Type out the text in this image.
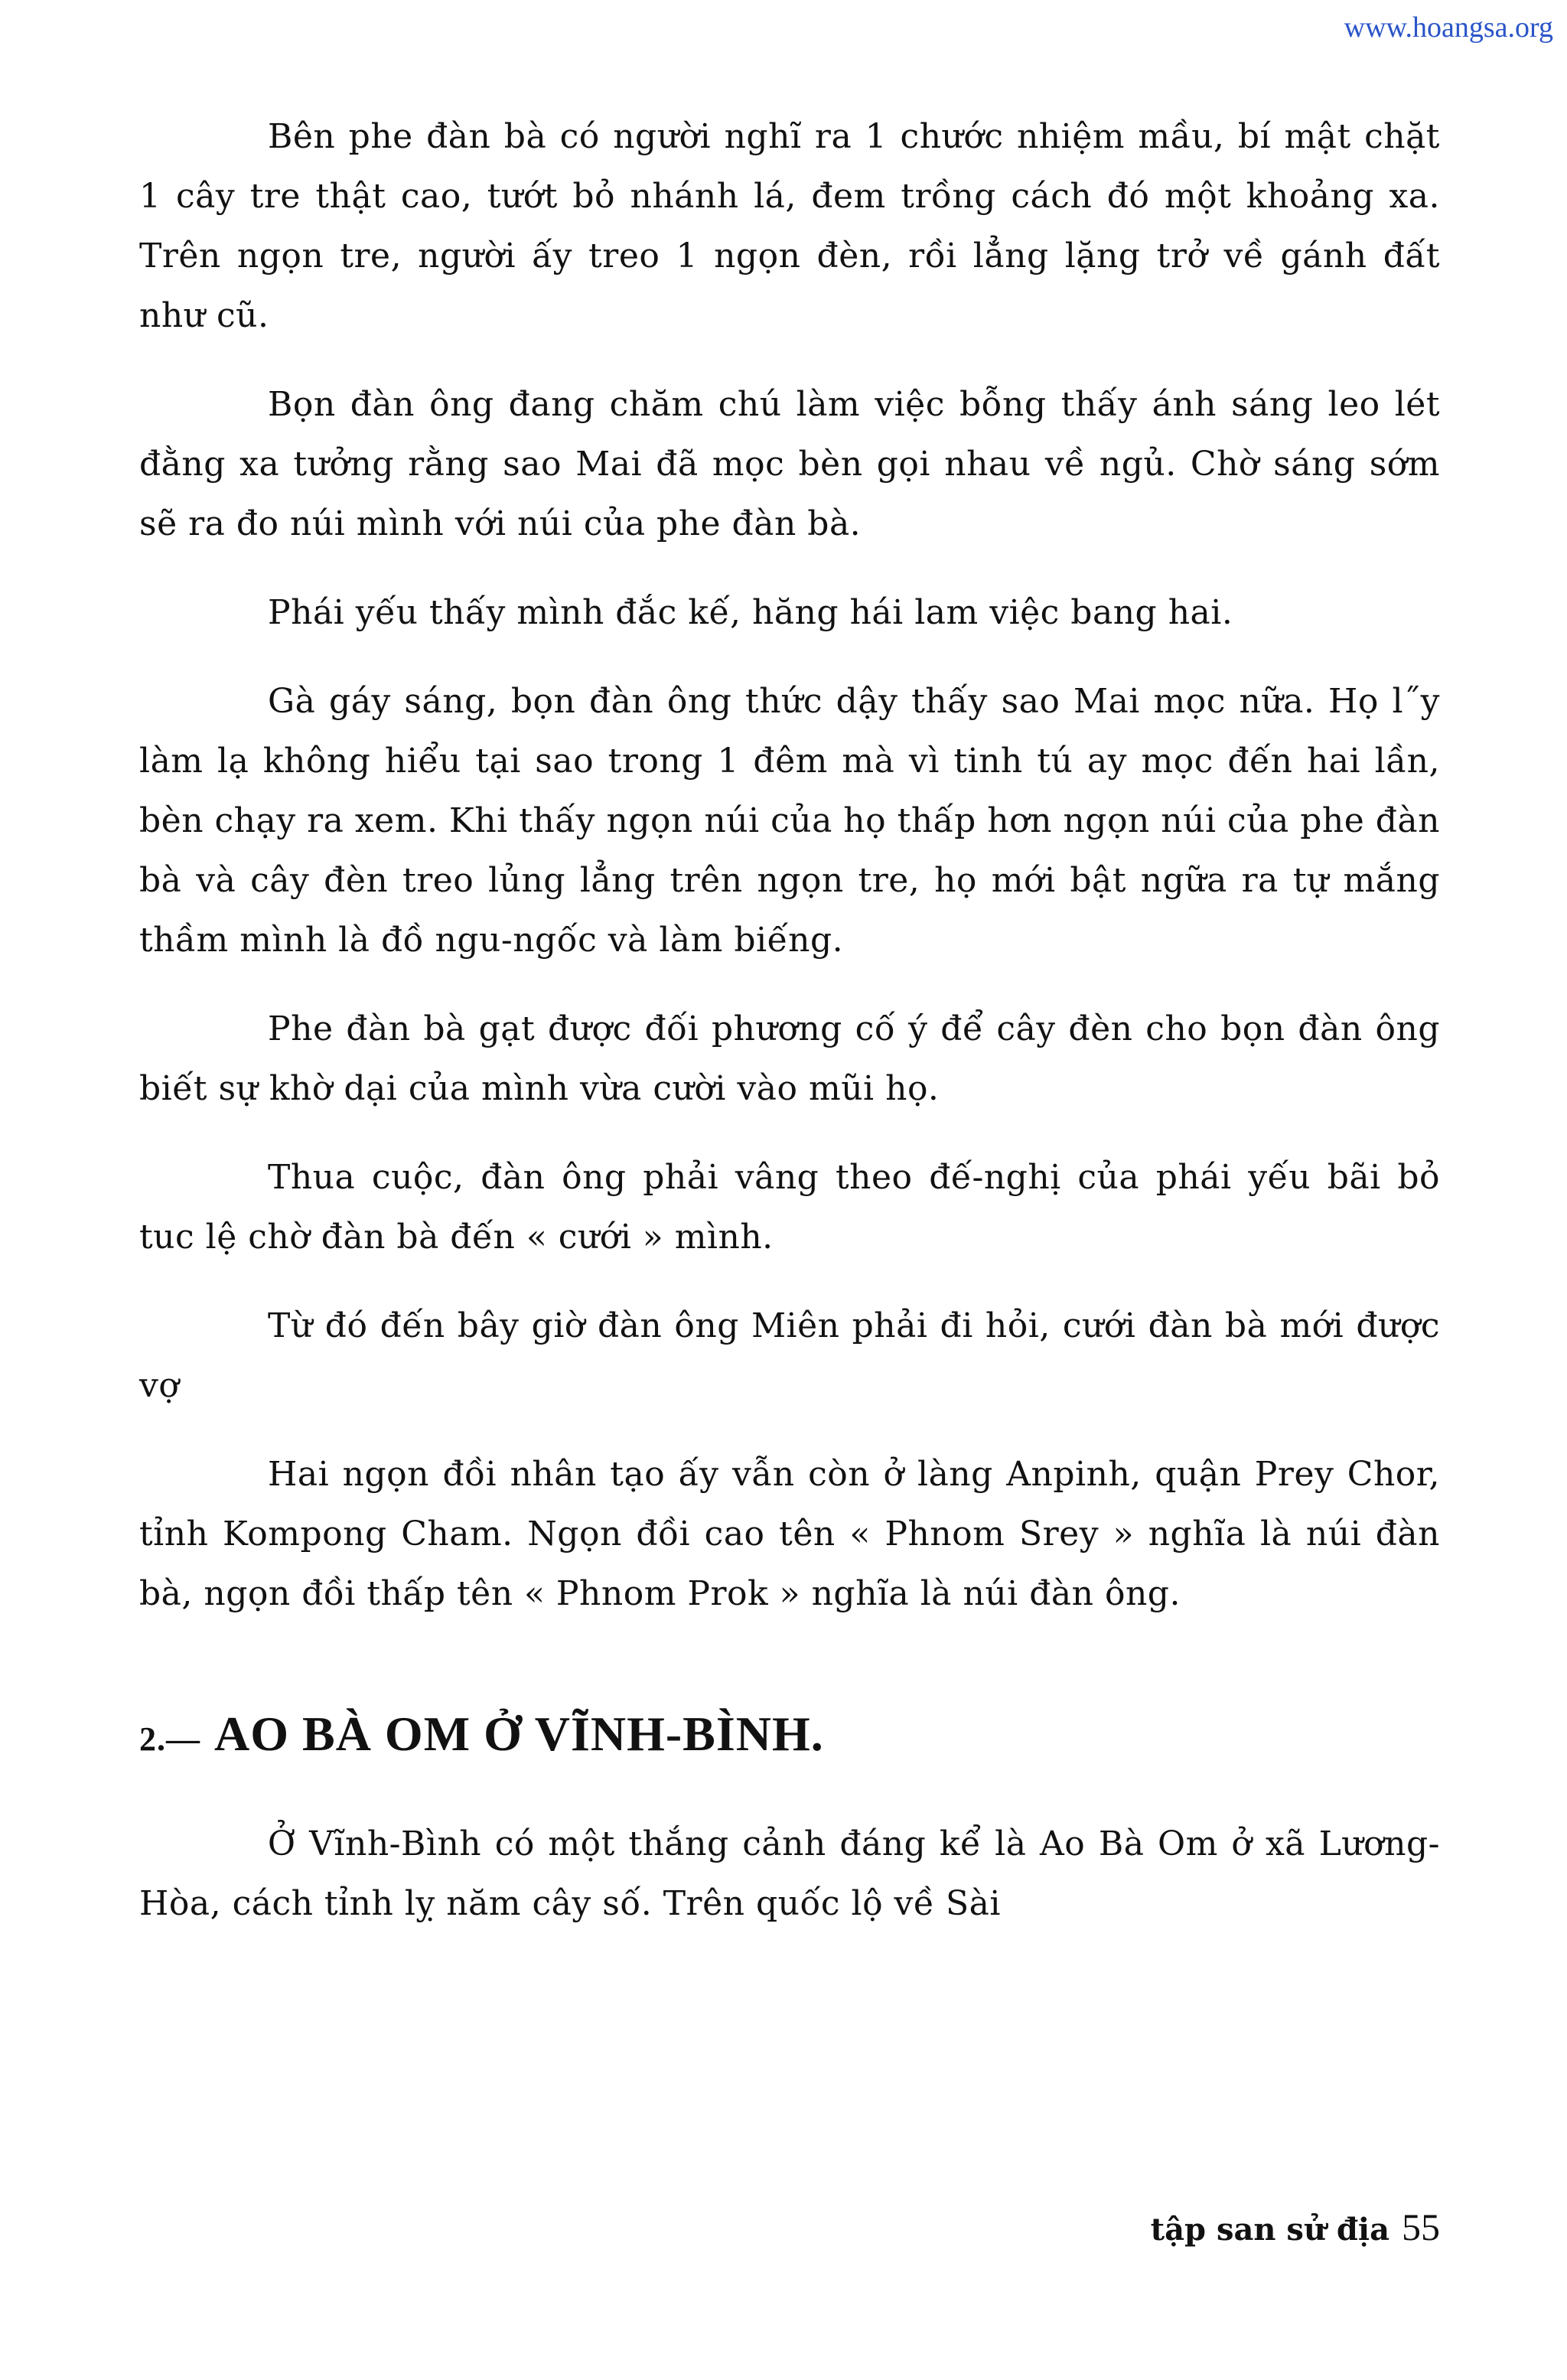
www.hoangsa.org

Bên phe đàn bà có người nghĩ ra 1 chước nhiệm mầu, bí mật chặt 1 cây tre thật cao, tướt bỏ nhánh lá, đem trồng cách đó một khoảng xa. Trên ngọn tre, người ấy treo 1 ngọn đèn, rồi lẳng lặng trở về gánh đất như cũ.

Bọn đàn ông đang chăm chú làm việc bỗng thấy ánh sáng leo lét đằng xa tưởng rằng sao Mai đã mọc bèn gọi nhau về ngủ. Chờ sáng sớm sẽ ra đo núi mình với núi của phe đàn bà.

Phái yếu thấy mình đắc kế, hăng hái lam việc bang hai.

Gà gáy sáng, bọn đàn ông thức dậy thấy sao Mai mọc nữa. Họ l˝y làm lạ không hiểu tại sao trong 1 đêm mà vì tinh tú ay mọc đến hai lần, bèn chạy ra xem. Khi thấy ngọn núi của họ thấp hơn ngọn núi của phe đàn bà và cây đèn treo lủng lẳng trên ngọn tre, họ mới bật ngữa ra tự mắng thầm mình là đồ ngu-ngốc và làm biếng.

Phe đàn bà gạt được đối phương cố ý để cây đèn cho bọn đàn ông biết sự khờ dại của mình vừa cười vào mũi họ.

Thua cuộc, đàn ông phải vâng theo đế-nghị của phái yếu bãi bỏ tuc lệ chờ đàn bà đến « cưới » mình.

Từ đó đến bây giờ đàn ông Miên phải đi hỏi, cưới đàn bà mới được vợ

Hai ngọn đồi nhân tạo ấy vẫn còn ở làng Anpinh, quận Prey Chor, tỉnh Kompong Cham. Ngọn đồi cao tên « Phnom Srey » nghĩa là núi đàn bà, ngọn đồi thấp tên « Phnom Prok » nghĩa là núi đàn ông.

2.— AO BÀ OM Ở VĨNH-BÌNH.

Ở Vĩnh-Bình có một thắng cảnh đáng kể là Ao Bà Om ở xã Lương-Hòa, cách tỉnh lỵ năm cây số. Trên quốc lộ về Sài

tập san sử địa 55
